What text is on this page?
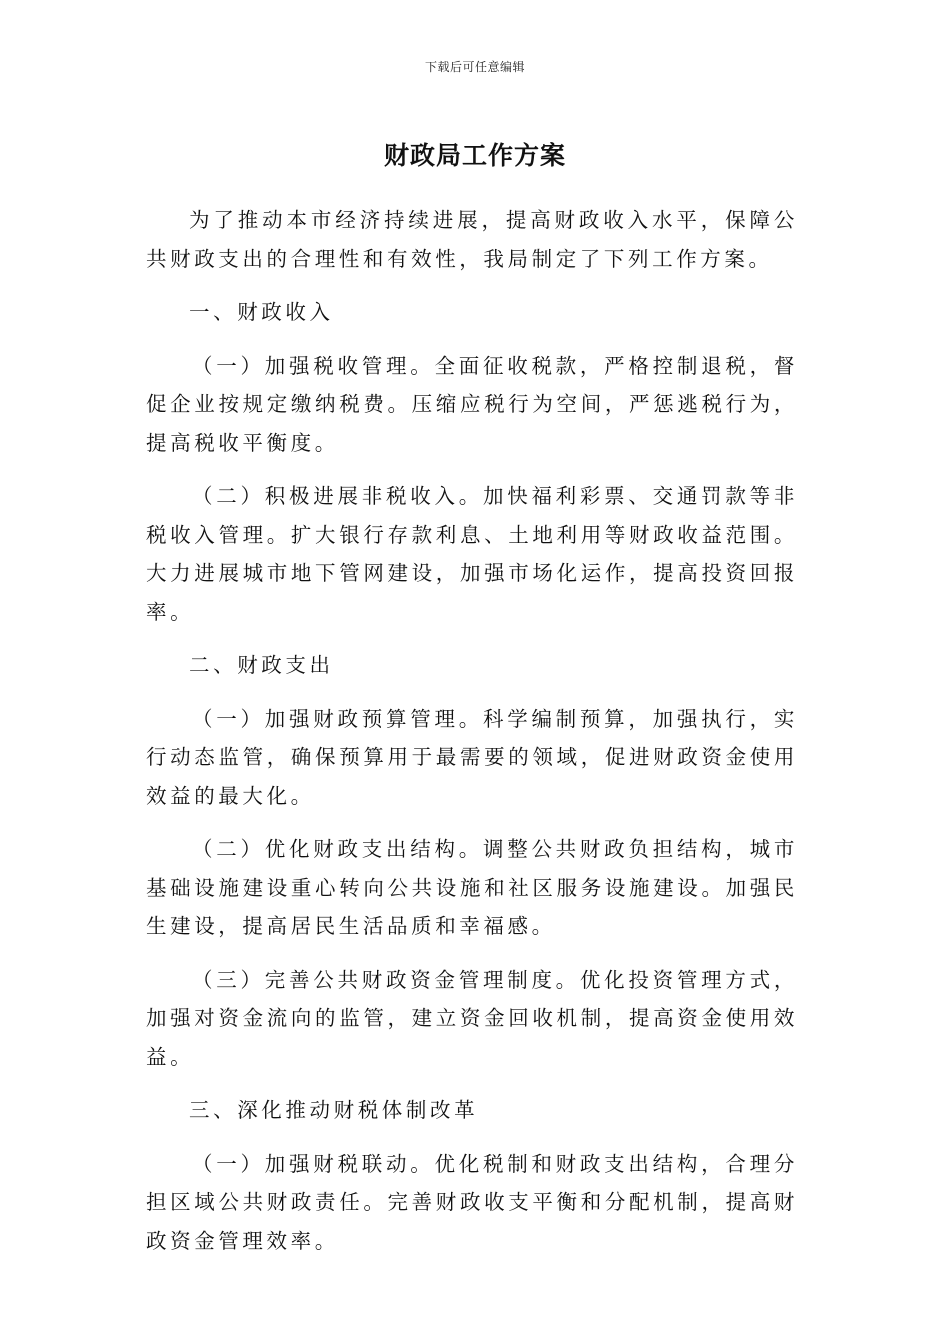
下载后可任意编辑
财政局工作方案

为了推动本市经济持续进展，提高财政收入水平，保障公共财政支出的合理性和有效性，我局制定了下列工作方案。

一、财政收入

（一）加强税收管理。全面征收税款，严格控制退税，督促企业按规定缴纳税费。压缩应税行为空间，严惩逃税行为，提高税收平衡度。

（二）积极进展非税收入。加快福利彩票、交通罚款等非税收入管理。扩大银行存款利息、土地利用等财政收益范围。大力进展城市地下管网建设，加强市场化运作，提高投资回报率。

二、财政支出

（一）加强财政预算管理。科学编制预算，加强执行，实行动态监管，确保预算用于最需要的领域，促进财政资金使用效益的最大化。

（二）优化财政支出结构。调整公共财政负担结构，城市基础设施建设重心转向公共设施和社区服务设施建设。加强民生建设，提高居民生活品质和幸福感。

（三）完善公共财政资金管理制度。优化投资管理方式，加强对资金流向的监管，建立资金回收机制，提高资金使用效益。

三、深化推动财税体制改革

（一）加强财税联动。优化税制和财政支出结构，合理分担区域公共财政责任。完善财政收支平衡和分配机制，提高财政资金管理效率。
